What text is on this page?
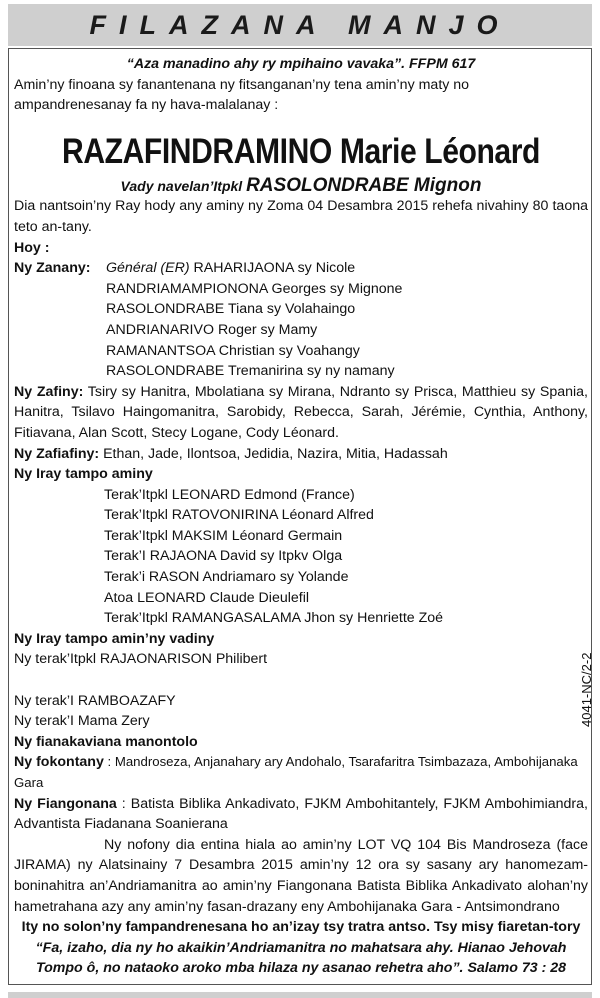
FILAZANA MANJO

“Aza manadino ahy ry mpihaino vavaka”. FFPM 617

Amin’ny finoana sy fanantenana ny fitsanganan’ny tena amin’ny maty no ampandrenesanay fa ny hava-malalanay :

RAZAFINDRAMINO Marie Léonard

Vady navelan’Itpkl RASOLONDRABE Mignon

Dia nantsoin’ny Ray hody any aminy ny Zoma 04 Desambra 2015 rehefa nivahiny 80 taona teto an-tany.

Hoy :

Ny Zanany:	Général (ER) RAHARIJAONA sy Nicole

RANDRIAMAMPIONONA Georges sy Mignone

RASOLONDRABE Tiana sy Volahaingo

ANDRIANARIVO Roger sy Mamy

RAMANANTSOA Christian sy Voahangy

RASOLONDRABE Tremanirina sy ny namany

Ny Zafiny: Tsiry sy Hanitra, Mbolatiana sy Mirana, Ndranto sy Prisca, Matthieu sy Spania, Hanitra, Tsilavo Haingomanitra, Sarobidy, Rebecca, Sarah, Jérémie, Cynthia, Anthony, Fitiavana, Alan Scott, Stecy Logane, Cody Léonard.

Ny Zafiafiny: Ethan, Jade, Ilontsoa, Jedidia, Nazira, Mitia, Hadassah

Ny Iray tampo aminy

Terak’Itpkl LEONARD Edmond (France)

Terak’Itpkl RATOVONIRINA Léonard Alfred

Terak’Itpkl MAKSIM Léonard Germain

Terak’I RAJAONA David sy Itpkv Olga

Terak’i RASON Andriamaro sy Yolande

Atoa LEONARD Claude Dieulefil

Terak’Itpkl RAMANGASALAMA Jhon sy Henriette Zoé

Ny Iray tampo amin’ny vadiny

Ny terak’Itpkl RAJAONARISON Philibert

Ny terak’I RAMBOAZAFY

Ny terak’I Mama Zery

Ny fianakaviana manontolo

Ny fokontany : Mandroseza, Anjanahary ary Andohalo, Tsarafaritra Tsimbazaza, Ambohijanaka Gara

Ny Fiangonana : Batista Biblika Ankadivato, FJKM Ambohitantely, FJKM Ambohimiandra, Advantista Fiadanana Soanierana

Ny nofony dia entina hiala ao amin’ny LOT VQ 104 Bis Mandroseza (face JIRAMA) ny Alatsinainy 7 Desambra 2015 amin’ny 12 ora sy sasany ary hanomezam-boninahitra an’Andriamanitra ao amin’ny Fiangonana Batista Biblika Ankadivato alohan’ny hametrahana azy any amin’ny fasan-drazany eny Ambohijanaka Gara - Antsimondrano

Ity no solon’ny fampandrenesana ho an’izay tsy tratra antso. Tsy misy fiaretan-tory

“Fa, izaho, dia ny ho akaikin’Andriamanitra no mahatsara ahy. Hianao Jehovah

Tompo ô, no nataoko aroko mba hilaza ny asanao rehetra aho”. Salamo 73 : 28

4041-NC/2-2
